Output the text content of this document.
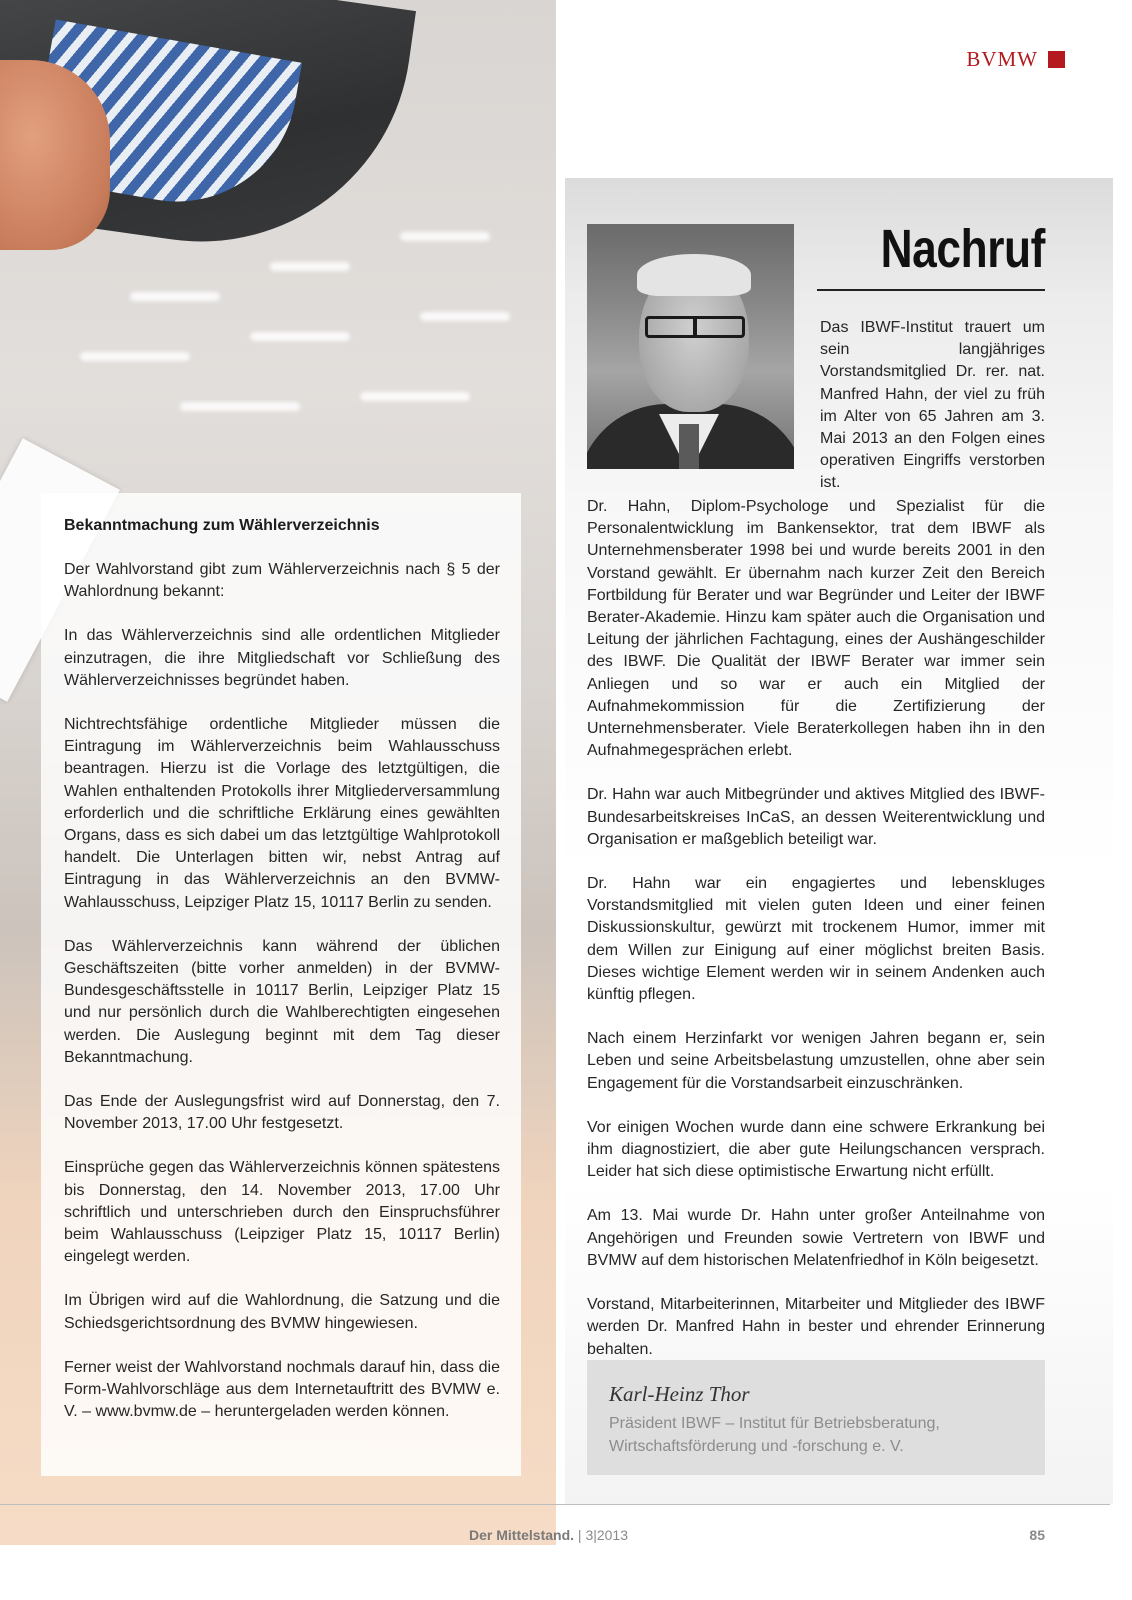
Bekanntmachung zum Wählerverzeichnis

Der Wahlvorstand gibt zum Wählerverzeichnis nach § 5 der Wahlordnung bekannt:

In das Wählerverzeichnis sind alle ordentlichen Mitglieder einzutragen, die ihre Mitgliedschaft vor Schließung des Wählerverzeichnisses begründet haben.

Nichtrechtsfähige ordentliche Mitglieder müssen die Eintragung im Wählerverzeichnis beim Wahlausschuss beantragen. Hierzu ist die Vorlage des letztgültigen, die Wahlen enthaltenden Protokolls ihrer Mitgliederversammlung erforderlich und die schriftliche Erklärung eines gewählten Organs, dass es sich dabei um das letztgültige Wahlprotokoll handelt. Die Unterlagen bitten wir, nebst Antrag auf Eintragung in das Wählerverzeichnis an den BVMW-Wahlausschuss, Leipziger Platz 15, 10117 Berlin zu senden.

Das Wählerverzeichnis kann während der üblichen Geschäftszeiten (bitte vorher anmelden) in der BVMW-Bundesgeschäftsstelle in 10117 Berlin, Leipziger Platz 15 und nur persönlich durch die Wahlberechtigten eingesehen werden. Die Auslegung beginnt mit dem Tag dieser Bekanntmachung.

Das Ende der Auslegungsfrist wird auf Donnerstag, den 7. November 2013, 17.00 Uhr festgesetzt.

Einsprüche gegen das Wählerverzeichnis können spätestens bis Donnerstag, den 14. November 2013, 17.00 Uhr schriftlich und unterschrieben durch den Einspruchsführer beim Wahlausschuss (Leipziger Platz 15, 10117 Berlin) eingelegt werden.

Im Übrigen wird auf die Wahlordnung, die Satzung und die Schiedsgerichtsordnung des BVMW hingewiesen.

Ferner weist der Wahlvorstand nochmals darauf hin, dass die Form-Wahlvorschläge aus dem Internetauftritt des BVMW e. V. – www.bvmw.de – heruntergeladen werden können.

BVMW
Nachruf
Das IBWF-Institut trauert um sein langjähriges Vorstandsmitglied Dr. rer. nat. Manfred Hahn, der viel zu früh im Alter von 65 Jahren am 3. Mai 2013 an den Folgen eines operativen Eingriffs verstorben ist.

Dr. Hahn, Diplom-Psychologe und Spezialist für die Personalentwicklung im Bankensektor, trat dem IBWF als Unternehmensberater 1998 bei und wurde bereits 2001 in den Vorstand gewählt. Er übernahm nach kurzer Zeit den Bereich Fortbildung für Berater und war Begründer und Leiter der IBWF Berater-Akademie. Hinzu kam später auch die Organisation und Leitung der jährlichen Fachtagung, eines der Aushängeschilder des IBWF. Die Qualität der IBWF Berater war immer sein Anliegen und so war er auch ein Mitglied der Aufnahmekommission für die Zertifizierung der Unternehmensberater. Viele Beraterkollegen haben ihn in den Aufnahmegesprächen erlebt.

Dr. Hahn war auch Mitbegründer und aktives Mitglied des IBWF-Bundesarbeitskreises InCaS, an dessen Weiterentwicklung und Organisation er maßgeblich beteiligt war.

Dr. Hahn war ein engagiertes und lebenskluges Vorstandsmitglied mit vielen guten Ideen und einer feinen Diskussionskultur, gewürzt mit trockenem Humor, immer mit dem Willen zur Einigung auf einer möglichst breiten Basis. Dieses wichtige Element werden wir in seinem Andenken auch künftig pflegen.

Nach einem Herzinfarkt vor wenigen Jahren begann er, sein Leben und seine Arbeitsbelastung umzustellen, ohne aber sein Engagement für die Vorstandsarbeit einzuschränken.

Vor einigen Wochen wurde dann eine schwere Erkrankung bei ihm diagnostiziert, die aber gute Heilungschancen versprach. Leider hat sich diese optimistische Erwartung nicht erfüllt.

Am 13. Mai wurde Dr. Hahn unter großer Anteilnahme von Angehörigen und Freunden sowie Vertretern von IBWF und BVMW auf dem historischen Melatenfriedhof in Köln beigesetzt.

Vorstand, Mitarbeiterinnen, Mitarbeiter und Mitglieder des IBWF werden Dr. Manfred Hahn in bester und ehrender Erinnerung behalten.

Karl-Heinz Thor
Präsident IBWF – Institut für Betriebsberatung,
Wirtschaftsförderung und -forschung e. V.
Der Mittelstand. | 3|2013	85
